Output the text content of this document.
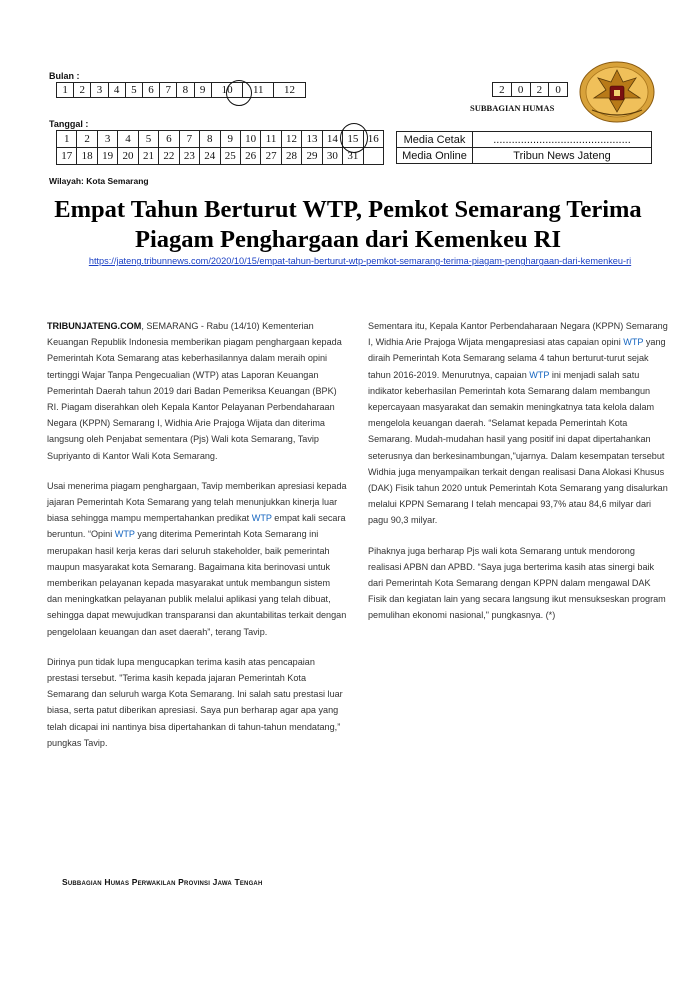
Bulan :
1	2	3	4	5	6	7	8	9	10	11	12
Tanggal :
1	2	3	4	5	6	7	8	9	10	11	12	13	14	15	16
17	18	19	20	21	22	23	24	25	26	27	28	29	30	31	
2	0	2	0
SUBBAGIAN HUMAS
Media Cetak	.............................................
Media Online	Tribun News Jateng
Wilayah: Kota Semarang
Empat Tahun Berturut WTP, Pemkot Semarang Terima Piagam Penghargaan dari Kemenkeu RI
https://jateng.tribunnews.com/2020/10/15/empat-tahun-berturut-wtp-pemkot-semarang-terima-piagam-penghargaan-dari-kemenkeu-ri

TRIBUNJATENG.COM, SEMARANG - Rabu (14/10) Kementerian Keuangan Republik Indonesia memberikan piagam penghargaan kepada Pemerintah Kota Semarang atas keberhasilannya dalam meraih opini tertinggi Wajar Tanpa Pengecualian (WTP) atas Laporan Keuangan Pemerintah Daerah tahun 2019 dari Badan Pemeriksa Keuangan (BPK) RI. Piagam diserahkan oleh Kepala Kantor Pelayanan Perbendaharaan Negara (KPPN) Semarang I, Widhia Arie Prajoga Wijata dan diterima langsung oleh Penjabat sementara (Pjs) Wali kota Semarang, Tavip Supriyanto di Kantor Wali Kota Semarang.

Usai menerima piagam penghargaan, Tavip memberikan apresiasi kepada jajaran Pemerintah Kota Semarang yang telah menunjukkan kinerja luar biasa sehingga mampu mempertahankan predikat WTP empat kali secara beruntun. “Opini WTP yang diterima Pemerintah Kota Semarang ini merupakan hasil kerja keras dari seluruh stakeholder, baik pemerintah maupun masyarakat kota Semarang. Bagaimana kita berinovasi untuk memberikan pelayanan kepada masyarakat untuk membangun sistem dan meningkatkan pelayanan publik melalui aplikasi yang telah dibuat, sehingga dapat mewujudkan transparansi dan akuntabilitas terkait dengan pengelolaan keuangan dan aset daerah”, terang Tavip.

Dirinya pun tidak lupa mengucapkan terima kasih atas pencapaian prestasi tersebut. "Terima kasih kepada jajaran Pemerintah Kota Semarang dan seluruh warga Kota Semarang. Ini salah satu prestasi luar biasa, serta patut diberikan apresiasi. Saya pun berharap agar apa yang telah dicapai ini nantinya bisa dipertahankan di tahun-tahun mendatang,” pungkas Tavip.

Sementara itu, Kepala Kantor Perbendaharaan Negara (KPPN) Semarang I, Widhia Arie Prajoga Wijata mengapresiasi atas capaian opini WTP yang diraih Pemerintah Kota Semarang selama 4 tahun berturut-turut sejak tahun 2016-2019. Menurutnya, capaian WTP ini menjadi salah satu indikator keberhasilan Pemerintah kota Semarang dalam membangun kepercayaan masyarakat dan semakin meningkatnya tata kelola dalam mengelola keuangan daerah. “Selamat kepada Pemerintah Kota Semarang. Mudah-mudahan hasil yang positif ini dapat dipertahankan seterusnya dan berkesinambungan,"ujarnya. Dalam kesempatan tersebut Widhia juga menyampaikan terkait dengan realisasi Dana Alokasi Khusus (DAK) Fisik tahun 2020 untuk Pemerintah Kota Semarang yang disalurkan melalui KPPN Semarang I telah mencapai 93,7% atau 84,6 milyar dari pagu 90,3 milyar.

Pihaknya juga berharap Pjs wali kota Semarang untuk mendorong realisasi APBN dan APBD. “Saya juga berterima kasih atas sinergi baik dari Pemerintah Kota Semarang dengan KPPN dalam mengawal DAK Fisik dan kegiatan lain yang secara langsung ikut mensukseskan program pemulihan ekonomi nasional," pungkasnya. (*)

Subbagian Humas Perwakilan Provinsi Jawa Tengah
